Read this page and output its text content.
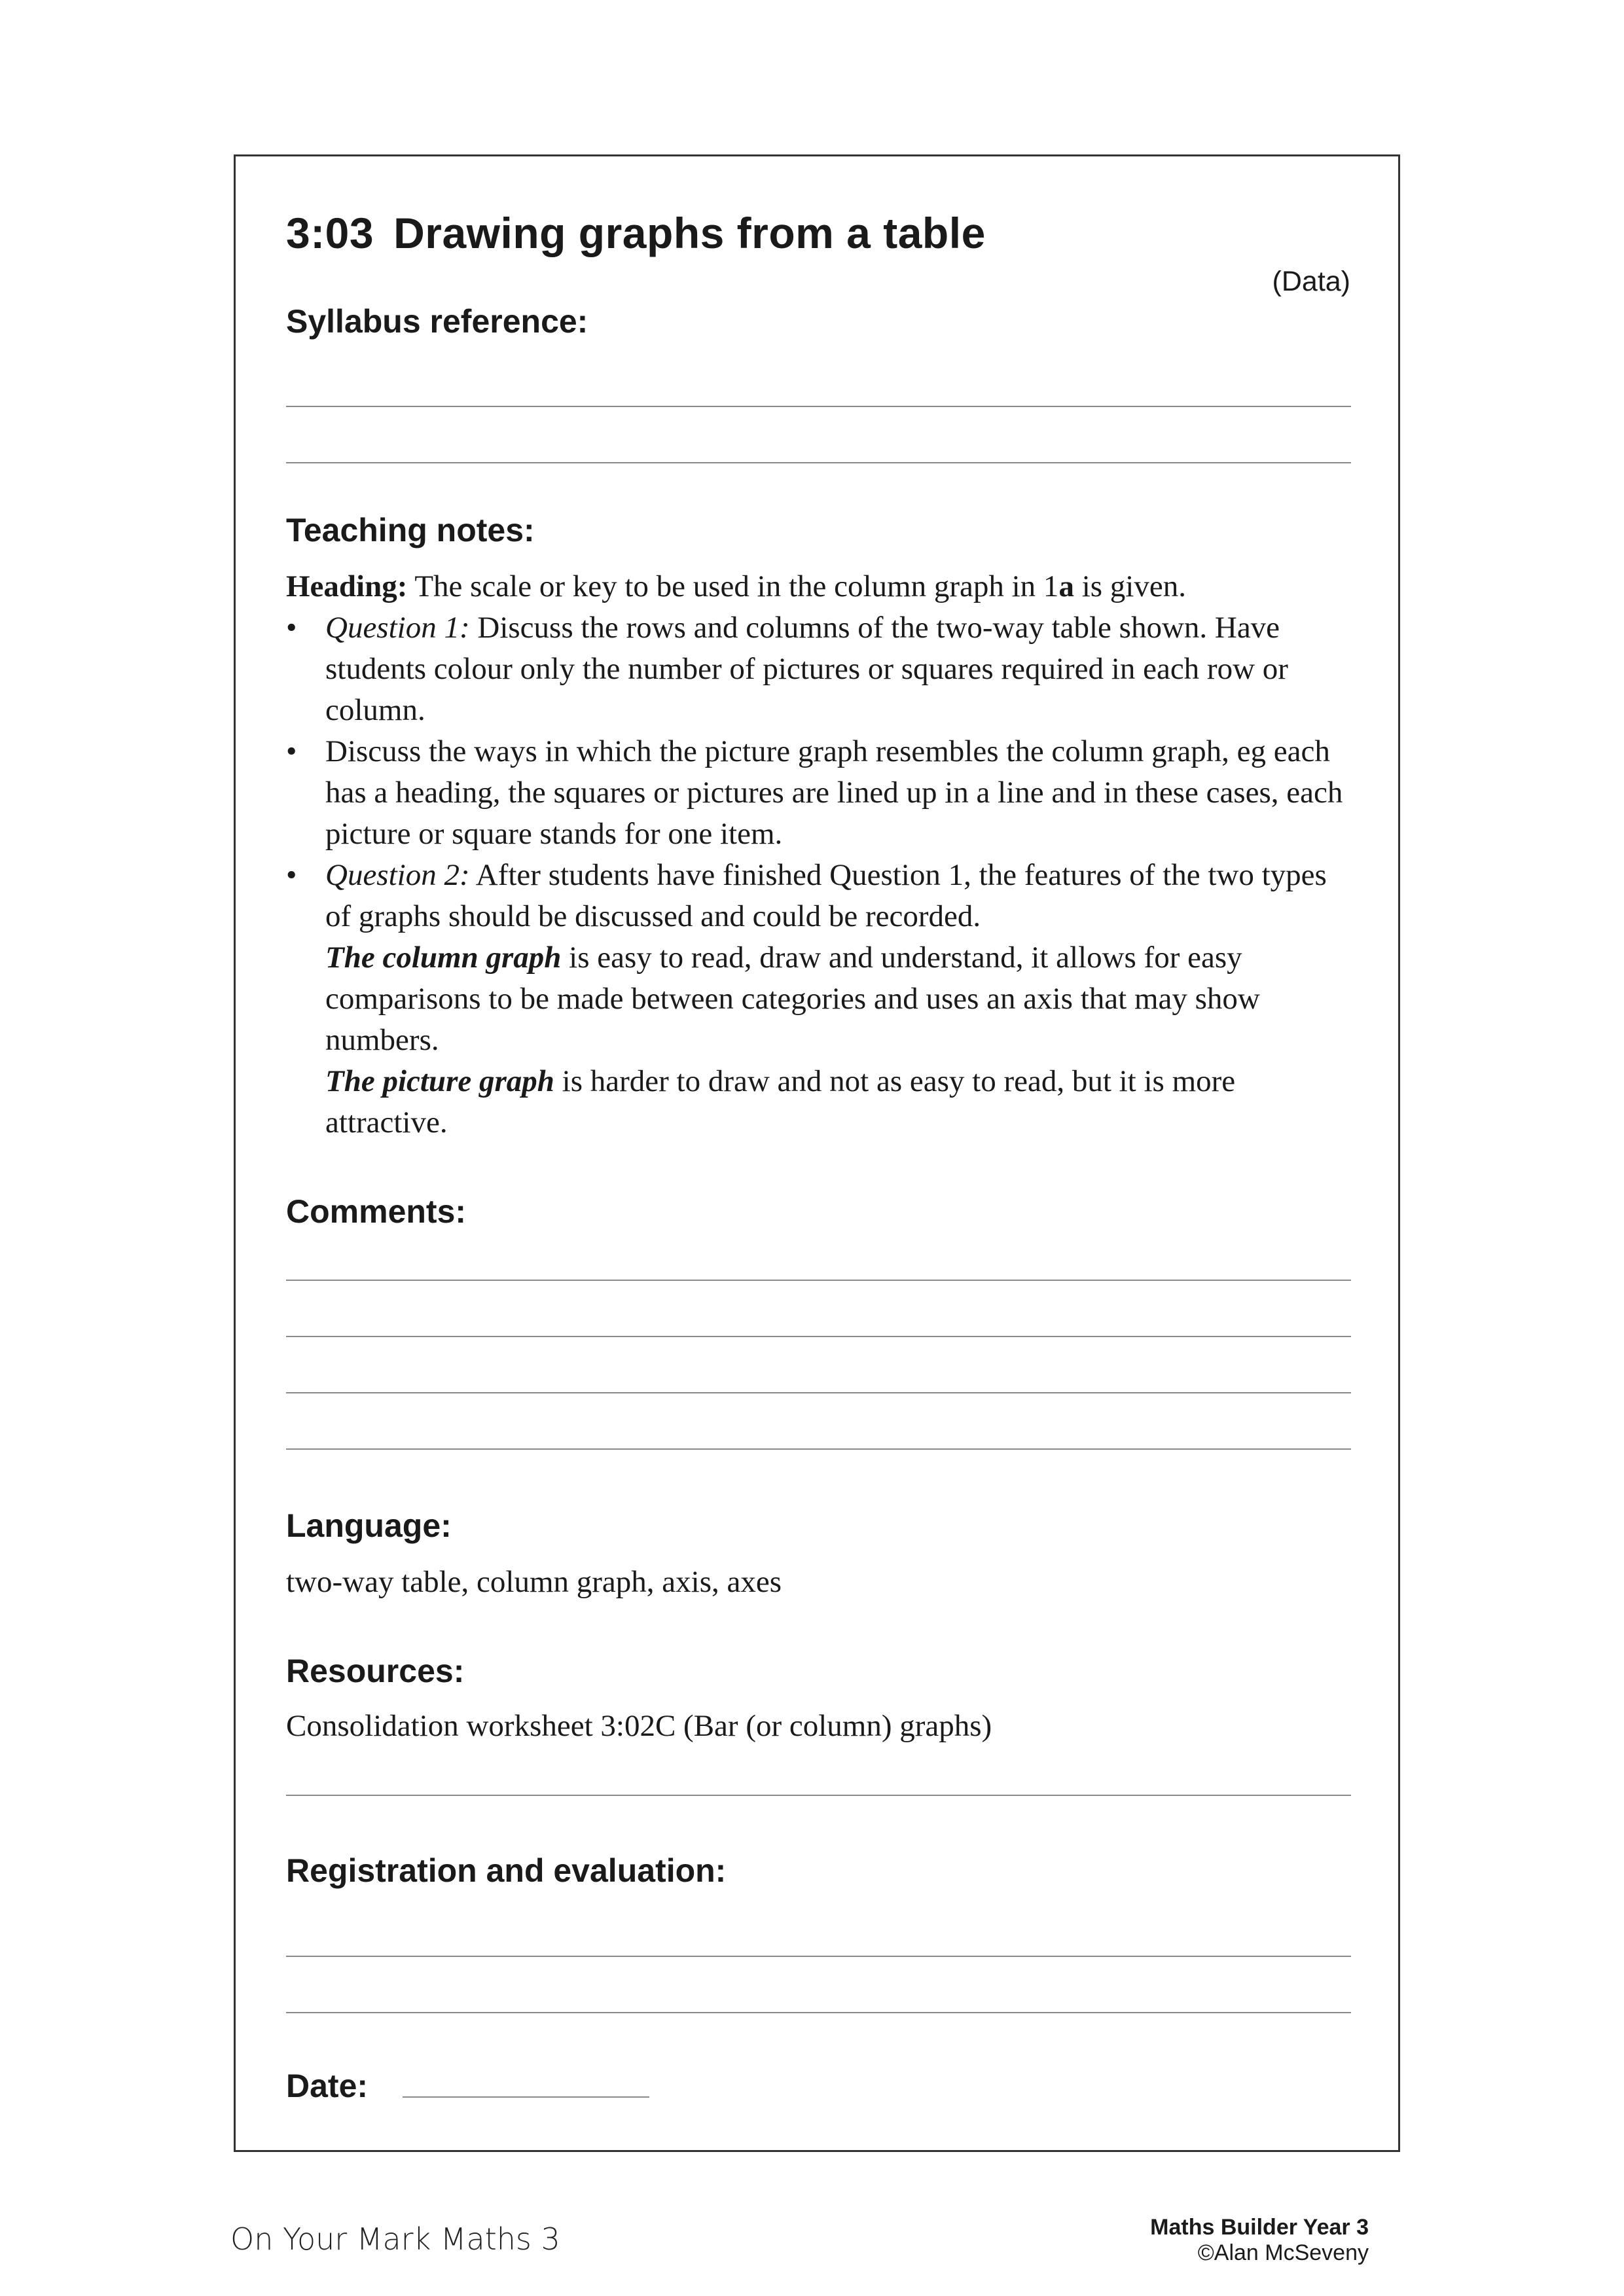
3:03 Drawing graphs from a table
(Data)
Syllabus reference:
Teaching notes:

Heading: The scale or key to be used in the column graph in 1a is given.

• Question 1: Discuss the rows and columns of the two-way table shown. Have students colour only the number of pictures or squares required in each row or column.
• Discuss the ways in which the picture graph resembles the column graph, eg each has a heading, the squares or pictures are lined up in a line and in these cases, each picture or square stands for one item.
• Question 2: After students have finished Question 1, the features of the two types of graphs should be discussed and could be recorded.

The column graph is easy to read, draw and understand, it allows for easy comparisons to be made between categories and uses an axis that may show numbers.

The picture graph is harder to draw and not as easy to read, but it is more attractive.

Comments:
Language:
two-way table, column graph, axis, axes
Resources:
Consolidation worksheet 3:02C (Bar (or column) graphs)
Registration and evaluation:
Date:
On Your Mark Maths 3	Maths Builder Year 3
©Alan McSeveny
